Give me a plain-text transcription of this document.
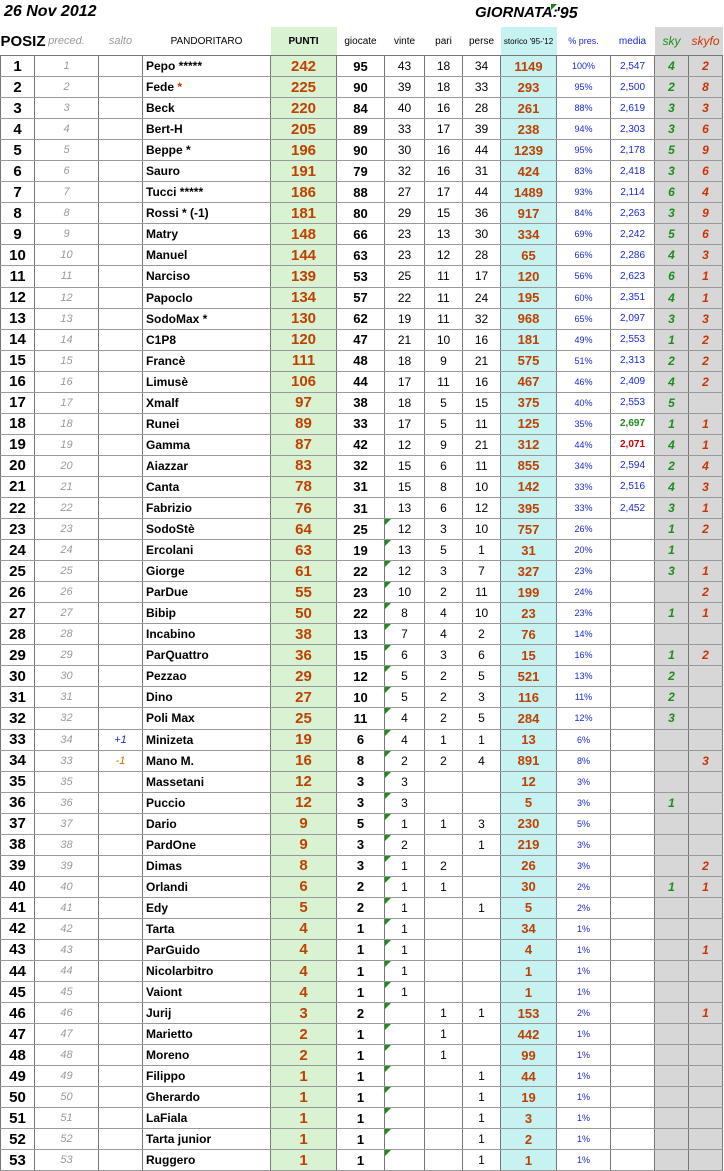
26 Nov 2012	GIORNATA:
'95
POSIZ	preced.	salto	PANDORITARO	PUNTI	giocate	vinte	pari	perse	storico '95-'12	% pres.	media	sky	skyfo
1	1		Pepo *****	242	95	43	18	34	1149	100%	2,547	4	2
2	2		Fede *	225	90	39	18	33	293	95%	2,500	2	8
3	3		Beck	220	84	40	16	28	261	88%	2,619	3	3
4	4		Bert-H	205	89	33	17	39	238	94%	2,303	3	6
5	5		Beppe *	196	90	30	16	44	1239	95%	2,178	5	9
6	6		Sauro	191	79	32	16	31	424	83%	2,418	3	6
7	7		Tucci *****	186	88	27	17	44	1489	93%	2,114	6	4
8	8		Rossi * (-1)	181	80	29	15	36	917	84%	2,263	3	9
9	9		Matry	148	66	23	13	30	334	69%	2,242	5	6
10	10		Manuel	144	63	23	12	28	65	66%	2,286	4	3
11	11		Narciso	139	53	25	11	17	120	56%	2,623	6	1
12	12		Papoclo	134	57	22	11	24	195	60%	2,351	4	1
13	13		SodoMax *	130	62	19	11	32	968	65%	2,097	3	3
14	14		C1P8	120	47	21	10	16	181	49%	2,553	1	2
15	15		Francè	111	48	18	9	21	575	51%	2,313	2	2
16	16		Limusè	106	44	17	11	16	467	46%	2,409	4	2
17	17		Xmalf	97	38	18	5	15	375	40%	2,553	5	
18	18		Runei	89	33	17	5	11	125	35%	2,697	1	1
19	19		Gamma	87	42	12	9	21	312	44%	2,071	4	1
20	20		Aiazzar	83	32	15	6	11	855	34%	2,594	2	4
21	21		Canta	78	31	15	8	10	142	33%	2,516	4	3
22	22		Fabrizio	76	31	13	6	12	395	33%	2,452	3	1
23	23		SodoStè	64	25	12	3	10	757	26%		1	2
24	24		Ercolani	63	19	13	5	1	31	20%		1	
25	25		Giorge	61	22	12	3	7	327	23%		3	1
26	26		ParDue	55	23	10	2	11	199	24%			2
27	27		Bibip	50	22	8	4	10	23	23%		1	1
28	28		Incabino	38	13	7	4	2	76	14%			
29	29		ParQuattro	36	15	6	3	6	15	16%		1	2
30	30		Pezzao	29	12	5	2	5	521	13%		2	
31	31		Dino	27	10	5	2	3	116	11%		2	
32	32		Poli Max	25	11	4	2	5	284	12%		3	
33	34	+1	Minizeta	19	6	4	1	1	13	6%			
34	33	-1	Mano M.	16	8	2	2	4	891	8%			3
35	35		Massetani	12	3	3			12	3%			
36	36		Puccio	12	3	3			5	3%		1	
37	37		Dario	9	5	1	1	3	230	5%			
38	38		PardOne	9	3	2		1	219	3%			
39	39		Dimas	8	3	1	2		26	3%			2
40	40		Orlandi	6	2	1	1		30	2%		1	1
41	41		Edy	5	2	1		1	5	2%			
42	42		Tarta	4	1	1			34	1%			
43	43		ParGuido	4	1	1			4	1%			1
44	44		Nicolarbitro	4	1	1			1	1%			
45	45		Vaiont	4	1	1			1	1%			
46	46		Jurij	3	2		1	1	153	2%			1
47	47		Marietto	2	1		1		442	1%			
48	48		Moreno	2	1		1		99	1%			
49	49		Filippo	1	1			1	44	1%			
50	50		Gherardo	1	1			1	19	1%			
51	51		LaFiala	1	1			1	3	1%			
52	52		Tarta junior	1	1			1	2	1%			
53	53		Ruggero	1	1			1	1	1%			
